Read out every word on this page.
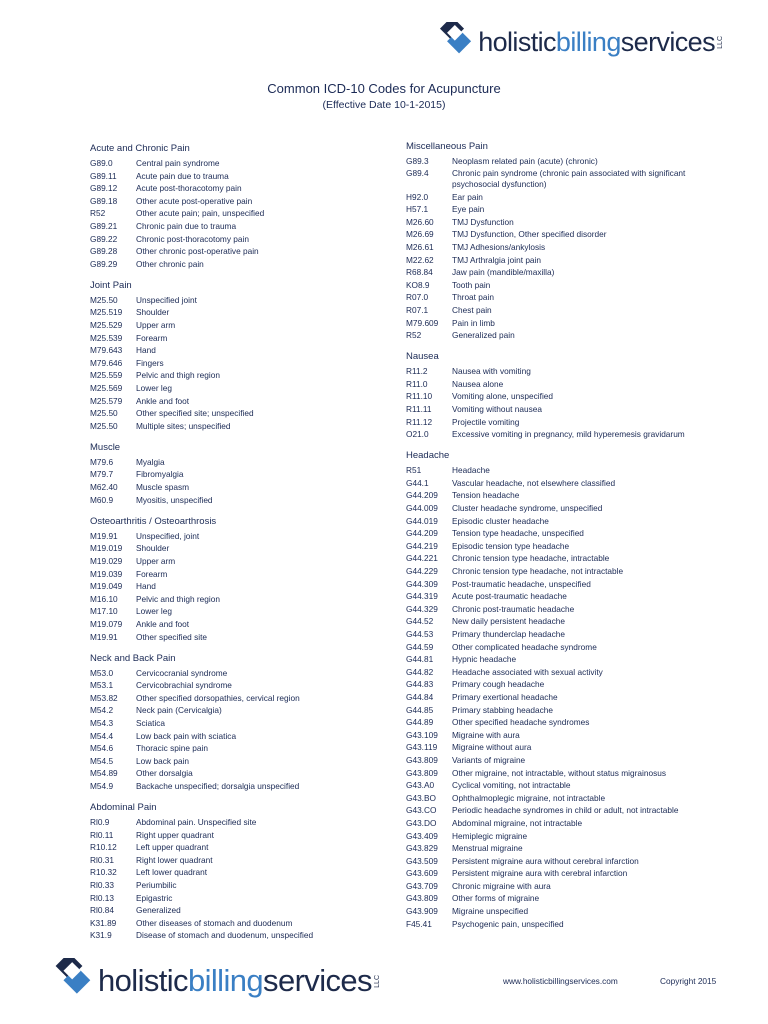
holisticbillingservices LLC
Common ICD-10 Codes for Acupuncture
(Effective Date 10-1-2015)
Acute and Chronic Pain
G89.0	Central pain syndrome
G89.11	Acute pain due to trauma
G89.12	Acute post-thoracotomy pain
G89.18	Other acute post-operative pain
R52	Other acute pain; pain, unspecified
G89.21	Chronic pain due to trauma
G89.22	Chronic post-thoracotomy pain
G89.28	Other chronic post-operative pain
G89.29	Other chronic pain
Joint Pain
M25.50	Unspecified joint
M25.519	Shoulder
M25.529	Upper arm
M25.539	Forearm
M79.643	Hand
M79.646	Fingers
M25.559	Pelvic and thigh region
M25.569	Lower leg
M25.579	Ankle and foot
M25.50	Other specified site; unspecified
M25.50	Multiple sites; unspecified
Muscle
M79.6	Myalgia
M79.7	Fibromyalgia
M62.40	Muscle spasm
M60.9	Myositis, unspecified
Osteoarthritis / Osteoarthrosis
M19.91	Unspecified, joint
M19.019	Shoulder
M19.029	Upper arm
M19.039	Forearm
M19.049	Hand
M16.10	Pelvic and thigh region
M17.10	Lower leg
M19.079	Ankle and foot
M19.91	Other specified site
Neck and Back Pain
M53.0	Cervicocranial syndrome
M53.1	Cervicobrachial syndrome
M53.82	Other specified dorsopathies, cervical region
M54.2	Neck pain (Cervicalgia)
M54.3	Sciatica
M54.4	Low back pain with sciatica
M54.6	Thoracic spine pain
M54.5	Low back pain
M54.89	Other dorsalgia
M54.9	Backache unspecified; dorsalgia unspecified
Abdominal Pain
Rl0.9	Abdominal pain. Unspecified site
Rl0.11	Right upper quadrant
R10.12	Left upper quadrant
Rl0.31	Right lower quadrant
R10.32	Left lower quadrant
Rl0.33	Periumbilic
Rl0.13	Epigastric
Rl0.84	Generalized
K31.89	Other diseases of stomach and duodenum
K31.9	Disease of stomach and duodenum, unspecified
Miscellaneous Pain
G89.3	Neoplasm related pain (acute) (chronic)
G89.4	Chronic pain syndrome (chronic pain associated with significant psychosocial dysfunction)
H92.0	Ear pain
H57.1	Eye pain
M26.60	TMJ Dysfunction
M26.69	TMJ Dysfunction, Other specified disorder
M26.61	TMJ Adhesions/ankylosis
M22.62	TMJ Arthralgia joint pain
R68.84	Jaw pain (mandible/maxilla)
KO8.9	Tooth pain
R07.0	Throat pain
R07.1	Chest pain
M79.609	Pain in limb
R52	Generalized pain
Nausea
R11.2	Nausea with vomiting
R11.0	Nausea alone
R11.10	Vomiting alone, unspecified
R11.11	Vomiting without nausea
R11.12	Projectile vomiting
O21.0	Excessive vomiting in pregnancy, mild hyperemesis gravidarum
Headache
R51	Headache
G44.1	Vascular headache, not elsewhere classified
G44.209	Tension headache
G44.009	Cluster headache syndrome, unspecified
G44.019	Episodic cluster headache
G44.209	Tension type headache, unspecified
G44.219	Episodic tension type headache
G44.221	Chronic tension type headache, intractable
G44.229	Chronic tension type headache, not intractable
G44.309	Post-traumatic headache, unspecified
G44.319	Acute post-traumatic headache
G44.329	Chronic post-traumatic headache
G44.52	New daily persistent headache
G44.53	Primary thunderclap headache
G44.59	Other complicated headache syndrome
G44.81	Hypnic headache
G44.82	Headache associated with sexual activity
G44.83	Primary cough headache
G44.84	Primary exertional headache
G44.85	Primary stabbing headache
G44.89	Other specified headache syndromes
G43.109	Migraine with aura
G43.119	Migraine without aura
G43.809	Variants of migraine
G43.809	Other migraine, not intractable, without status migrainosus
G43.A0	Cyclical vomiting, not intractable
G43.BO	Ophthalmoplegic migraine, not intractable
G43.CO	Periodic headache syndromes in child or adult, not intractable
G43.DO	Abdominal migraine, not intractable
G43.409	Hemiplegic migraine
G43.829	Menstrual migraine
G43.509	Persistent migraine aura without cerebral infarction
G43.609	Persistent migraine aura with cerebral infarction
G43.709	Chronic migraine with aura
G43.809	Other forms of migraine
G43.909	Migraine unspecified
F45.41	Psychogenic pain, unspecified
holisticbillingservices LLC	www.holisticbillingservices.com	Copyright 2015
